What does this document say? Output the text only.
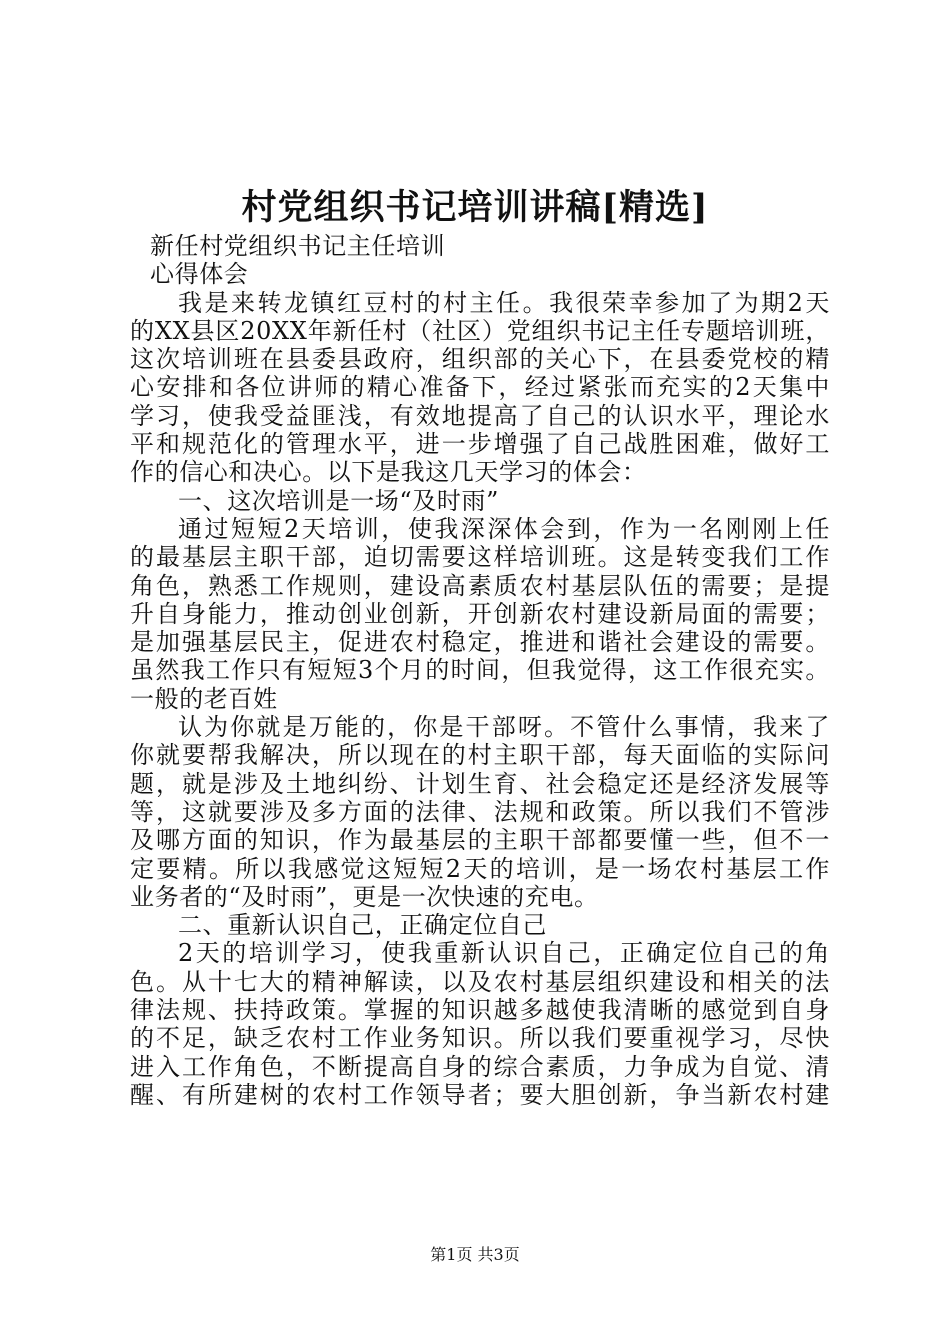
村党组织书记培训讲稿[精选]
新任村党组织书记主任培训
心得体会
我是来转龙镇红豆村的村主任。我很荣幸参加了为期2天
的XX县区20XX年新任村（社区）党组织书记主任专题培训班，
这次培训班在县委县政府，组织部的关心下，在县委党校的精
心安排和各位讲师的精心准备下，经过紧张而充实的2天集中
学习，使我受益匪浅，有效地提高了自己的认识水平，理论水
平和规范化的管理水平，进一步增强了自己战胜困难，做好工
作的信心和决心。以下是我这几天学习的体会：
一、这次培训是一场“及时雨”
通过短短2天培训，使我深深体会到，作为一名刚刚上任
的最基层主职干部，迫切需要这样培训班。这是转变我们工作
角色，熟悉工作规则，建设高素质农村基层队伍的需要；是提
升自身能力，推动创业创新，开创新农村建设新局面的需要；
是加强基层民主，促进农村稳定，推进和谐社会建设的需要。
虽然我工作只有短短3个月的时间，但我觉得，这工作很充实。
一般的老百姓
认为你就是万能的，你是干部呀。不管什么事情，我来了
你就要帮我解决，所以现在的村主职干部，每天面临的实际问
题，就是涉及土地纠纷、计划生育、社会稳定还是经济发展等
等，这就要涉及多方面的法律、法规和政策。所以我们不管涉
及哪方面的知识，作为最基层的主职干部都要懂一些，但不一
定要精。所以我感觉这短短2天的培训，是一场农村基层工作
业务者的“及时雨”，更是一次快速的充电。
二、重新认识自己，正确定位自己
2天的培训学习，使我重新认识自己，正确定位自己的角
色。从十七大的精神解读，以及农村基层组织建设和相关的法
律法规、扶持政策。掌握的知识越多越使我清晰的感觉到自身
的不足，缺乏农村工作业务知识。所以我们要重视学习，尽快
进入工作角色，不断提高自身的综合素质，力争成为自觉、清
醒、有所建树的农村工作领导者；要大胆创新，争当新农村建
第1页 共3页
